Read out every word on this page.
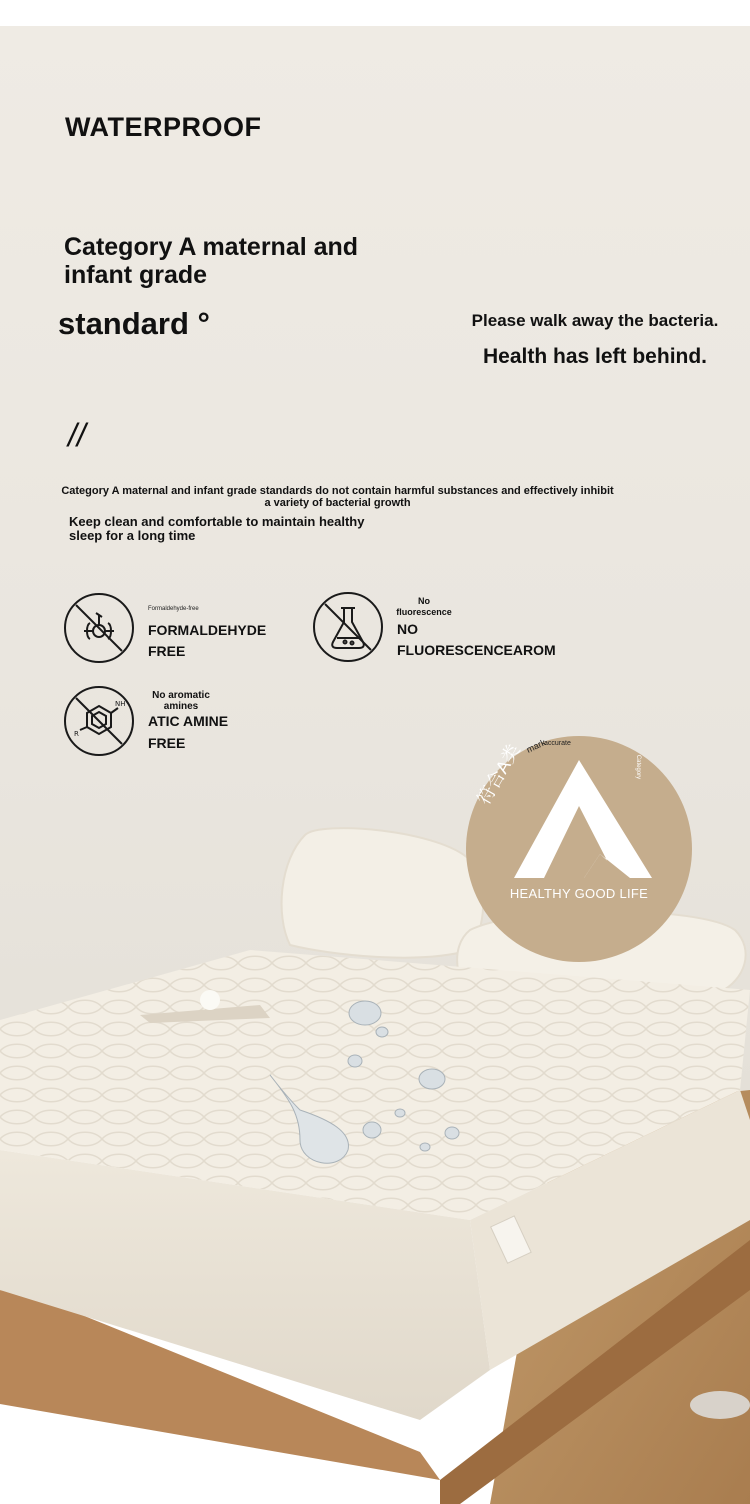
WATERPROOF
Category A maternal and infant grade
standard °	Please walk away the bacteria.
Health has left behind.
//
Category A maternal and infant grade standards do not contain harmful substances and effectively inhibit a variety of bacterial growth
Keep clean and comfortable to maintain healthy sleep for a long time
Formaldehyde-free
FORMALDEHYDE
FREE
No fluorescence
NO
FLUORESCENCEAROM
NH
R
No aromatic amines
ATIC AMINE
FREE	符合A类 mark
accurate
Category
HEALTHY GOOD LIFE
